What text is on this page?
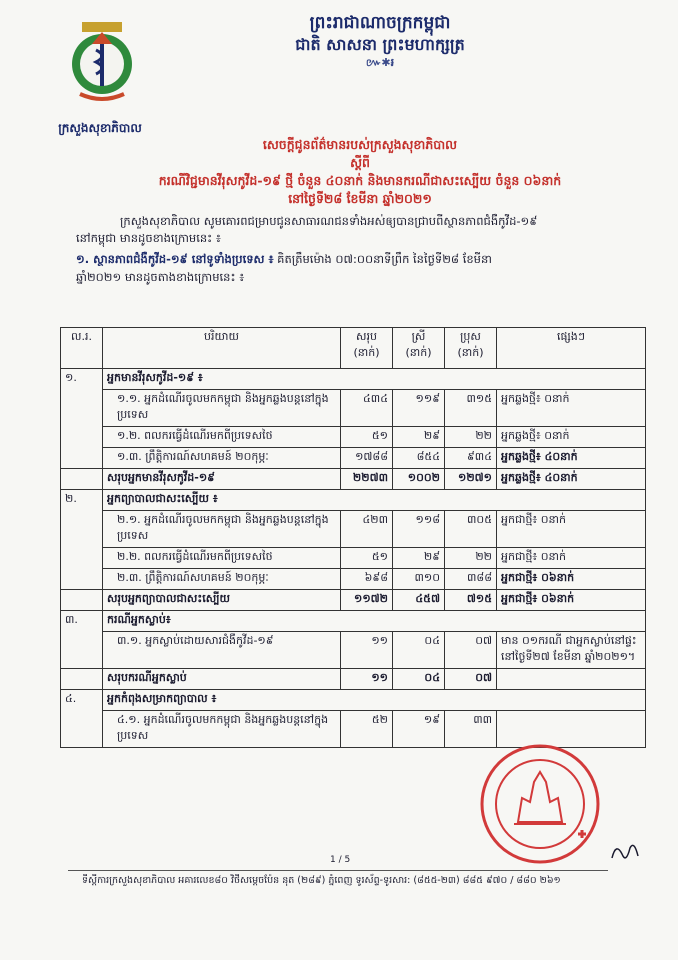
ក្រសួងសុខាភិបាល
ព្រះរាជាណាចក្រកម្ពុជា
ជាតិ សាសនា ព្រះមហាក្សត្រ
៚✱៛
សេចក្តីជូនព័ត៌មានរបស់ក្រសួងសុខាភិបាល
ស្តីពី
ករណីវិជ្ជមានវីរុសកូវីដ-១៩ ថ្មី ចំនួន ៤០នាក់ និងមានករណីជាសះស្បើយ ចំនួន ០៦នាក់
នៅថ្ងៃទី២៨ ខែមីនា ឆ្នាំ២០២១
ក្រសួងសុខាភិបាល សូមគោរពជម្រាបជូនសាធារណជនទាំងអស់ឲ្យបានជ្រាបពីស្ថានភាពជំងឺកូវីដ-១៩
នៅកម្ពុជា មានដូចខាងក្រោមនេះ ៖
១. ស្ថានភាពជំងឺកូវីដ-១៩ នៅទូទាំងប្រទេស ៖ គិតត្រឹមម៉ោង ០៧:០០នាទីព្រឹក នៃថ្ងៃទី២៨ ខែមីនា
ឆ្នាំ២០២១ មានដូចតាងខាងក្រោមនេះ ៖
ល.រ.	បរិយាយ	សរុប (នាក់)	ស្រី (នាក់)	ប្រុស (នាក់)	ផ្សេងៗ
១.	អ្នកមានវីរុសកូវីដ-១៩ ៖				
	១.១. អ្នកដំណើរចូលមកកម្ពុជា និងអ្នកឆ្លងបន្តនៅក្នុងប្រទេស	៤៣៤	១១៩	៣១៥	អ្នកឆ្លងថ្មី៖ ០នាក់
	១.២. ពលករធ្វើដំណើរមកពីប្រទេសថៃ	៥១	២៩	២២	អ្នកឆ្លងថ្មី៖ ០នាក់
	១.៣. ព្រឹត្តិការណ៍សហគមន៍ ២០កុម្ភៈ	១៧៨៨	៨៥៤	៩៣៤	អ្នកឆ្លងថ្មី៖ ៤០នាក់
	សរុបអ្នកមានវីរុសកូវីដ-១៩	២២៧៣	១០០២	១២៧១	អ្នកឆ្លងថ្មី៖ ៤០នាក់
២.	អ្នកព្យាបាលជាសះស្បើយ ៖				
	២.១. អ្នកដំណើរចូលមកកម្ពុជា និងអ្នកឆ្លងបន្តនៅក្នុងប្រទេស	៤២៣	១១៨	៣០៥	អ្នកជាថ្មី៖ ០នាក់
	២.២. ពលករធ្វើដំណើរមកពីប្រទេសថៃ	៥១	២៩	២២	អ្នកជាថ្មី៖ ០នាក់
	២.៣. ព្រឹត្តិការណ៍សហគមន៍ ២០កុម្ភៈ	៦៩៨	៣១០	៣៨៨	អ្នកជាថ្មី៖ ០៦នាក់
	សរុបអ្នកព្យាបាលជាសះស្បើយ	១១៧២	៤៥៧	៧១៥	អ្នកជាថ្មី៖ ០៦នាក់
៣.	ករណីអ្នកស្លាប់៖				
	៣.១. អ្នកស្លាប់ដោយសារជំងឺកូវីដ-១៩	១១	០៤	០៧	មាន ០១ករណី ជាអ្នកស្លាប់នៅផ្ទះនៅថ្ងៃទី២៧ ខែមីនា ឆ្នាំ២០២១។
	សរុបករណីអ្នកស្លាប់	១១	០៤	០៧	
៤.	អ្នកកំពុងសម្រាកព្យាបាល ៖				
	៤.១. អ្នកដំណើរចូលមកកម្ពុជា និងអ្នកឆ្លងបន្តនៅក្នុងប្រទេស	៥២	១៩	៣៣	
1 / 5
ទីស្តីការក្រសួងសុខាភិបាល អគារលេខ៨០ វិថីសម្តេចប៉ែន នុត (២៨៩) ភ្នំពេញ ទូរស័ព្ទ-ទូរសារ: (៨៥៥-២៣) ៨៨៥ ៩៧០ / ៨៨០ ២៦១
